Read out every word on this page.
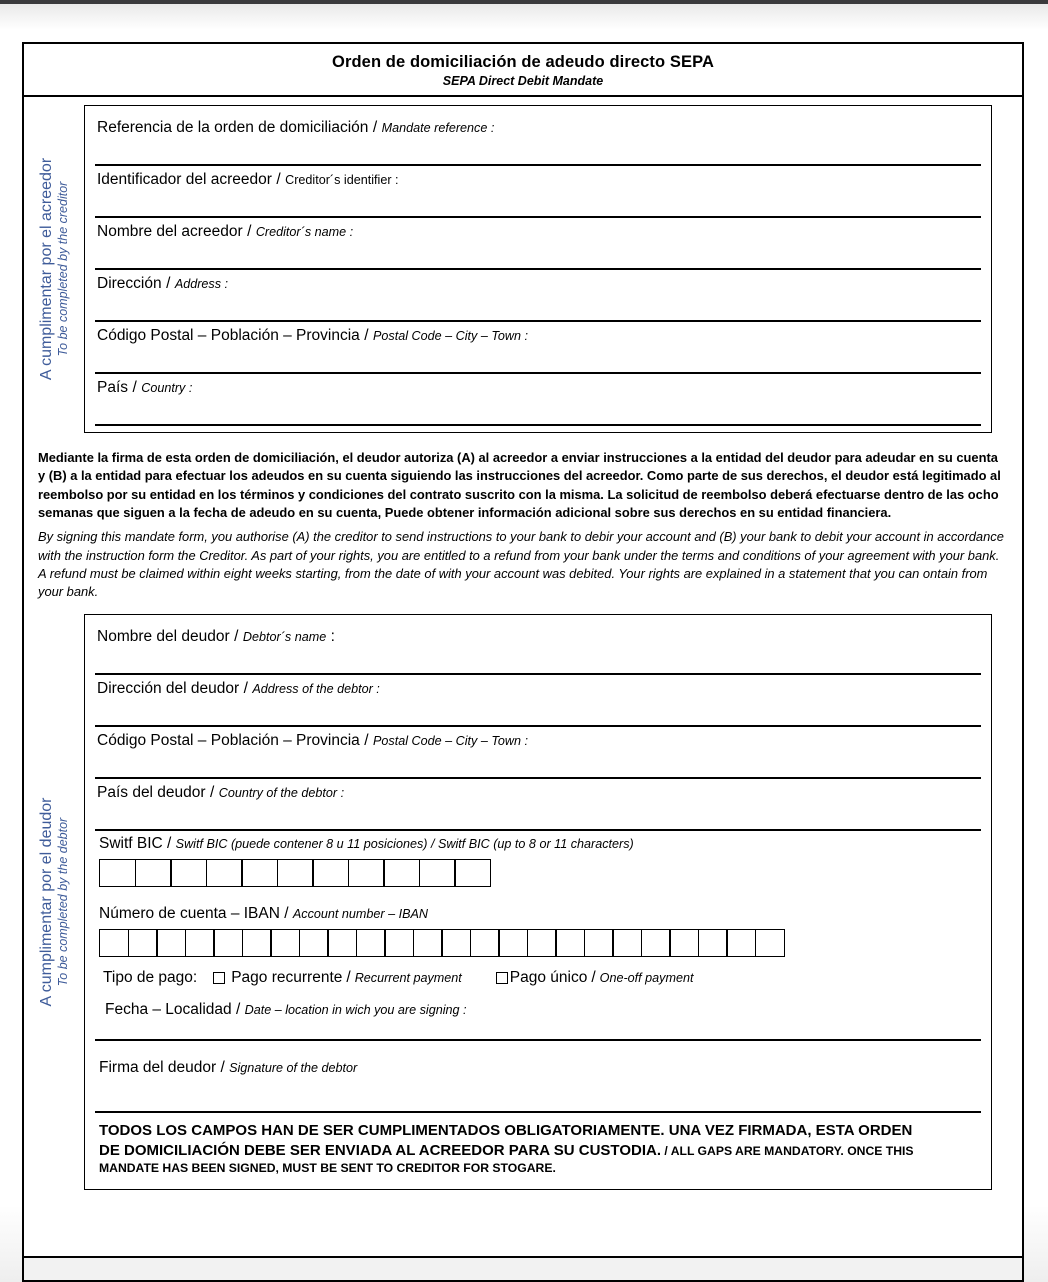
Orden de domiciliación de adeudo directo SEPA
SEPA Direct Debit Mandate
A cumplimentar por el acreedor To be completed by the creditor
Referencia de la orden de domiciliación / Mandate reference :
Identificador del acreedor / Creditor´s identifier :
Nombre del acreedor / Creditor´s name :
Dirección / Address :
Código Postal – Población – Provincia / Postal Code – City – Town :
País / Country :

Mediante la firma de esta orden de domiciliación, el deudor autoriza (A) al acreedor a enviar instrucciones a la entidad del deudor para adeudar en su cuenta y (B) a la entidad para efectuar los adeudos en su cuenta siguiendo las instrucciones del acreedor. Como parte de sus derechos, el deudor está legitimado al reembolso por su entidad en los términos y condiciones del contrato suscrito con la misma. La solicitud de reembolso deberá efectuarse dentro de las ocho semanas que siguen a la fecha de adeudo en su cuenta, Puede obtener información adicional sobre sus derechos en su entidad financiera.

By signing this mandate form, you authorise (A) the creditor to send instructions to your bank to debir your account and (B) your bank to debit your account in accordance with the instruction form the Creditor. As part of your rights, you are entitled to a refund from your bank under the terms and conditions of your agreement with your bank. A refund must be claimed within eight weeks starting, from the date of with your account was debited. Your rights are explained in a statement that you can ontain from your bank.

A cumplimentar por el deudor To be completed by the debtor
Nombre del deudor / Debtor´s name :
Dirección del deudor / Address of the debtor :
Código Postal – Población – Provincia / Postal Code – City – Town :
País del deudor / Country of the debtor :
Switf BIC / Switf BIC (puede contener 8 u 11 posiciones) / Switf BIC (up to 8 or 11 characters)
Número de cuenta – IBAN / Account number – IBAN
Tipo de pago: Pago recurrente / Recurrent payment	Pago único / One-off payment
Fecha – Localidad / Date – location in wich you are signing :
Firma del deudor / Signature of the debtor
TODOS LOS CAMPOS HAN DE SER CUMPLIMENTADOS OBLIGATORIAMENTE. UNA VEZ FIRMADA, ESTA ORDEN
DE DOMICILIACIÓN DEBE SER ENVIADA AL ACREEDOR PARA SU CUSTODIA. / ALL GAPS ARE MANDATORY. ONCE THIS
MANDATE HAS BEEN SIGNED, MUST BE SENT TO CREDITOR FOR STOGARE.
